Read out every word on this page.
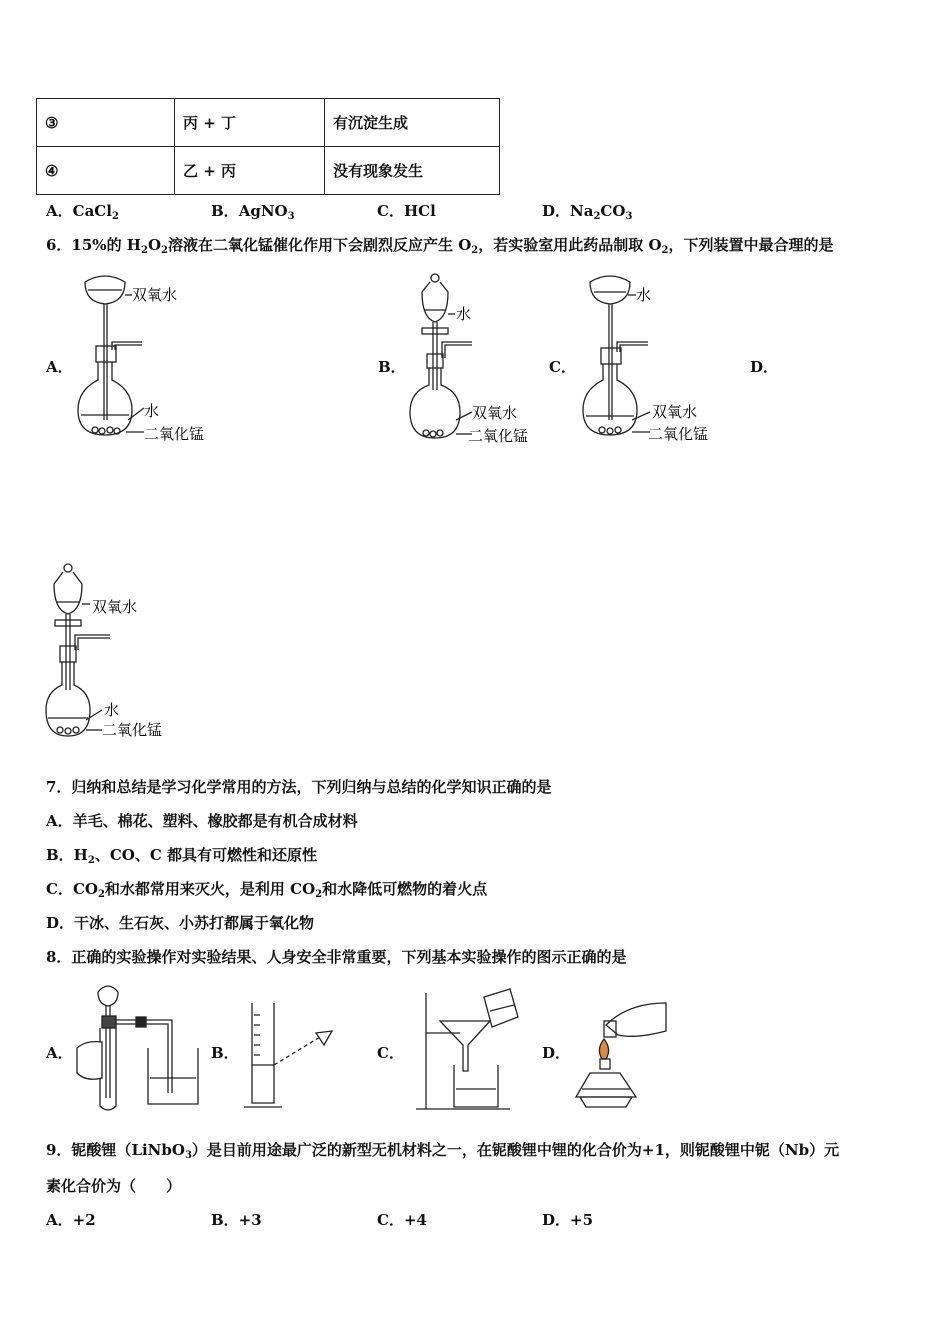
③	丙 + 丁	有沉淀生成
④	乙 + 丙	没有现象发生
A．CaCl$_2$	B．AgNO$_3$	C．HCl	D．$Na_2CO_3$
6．15%的 $H_2O_2$溶液在二氧化锰催化作用下会剧烈反应产生 $O_2$，若实验室用此药品制取 $O_2$，下列装置中最合理的是
A．	B．	C．	D．
双氧水
水
二氧化锰
水
双氧水
二氧化锰
水
双氧水
二氧化锰
双氧水
水
二氧化锰
7．归纳和总结是学习化学常用的方法，下列归纳与总结的化学知识正确的是
A．羊毛、棉花、塑料、橡胶都是有机合成材料
B．$H_2$、CO、C 都具有可燃性和还原性
C．$CO_2$和水都常用来灭火，是利用 $CO_2$和水降低可燃物的着火点
D．干冰、生石灰、小苏打都属于氧化物
8．正确的实验操作对实验结果、人身安全非常重要，下列基本实验操作的图示正确的是
A．	B．	C．	D．
9．铌酸锂（LiNbO$_3$）是目前用途最广泛的新型无机材料之一，在铌酸锂中锂的化合价为+1，则铌酸锂中铌（Nb）元
素化合价为（　　）
A．+2	B．+3	C．+4	D．+5
